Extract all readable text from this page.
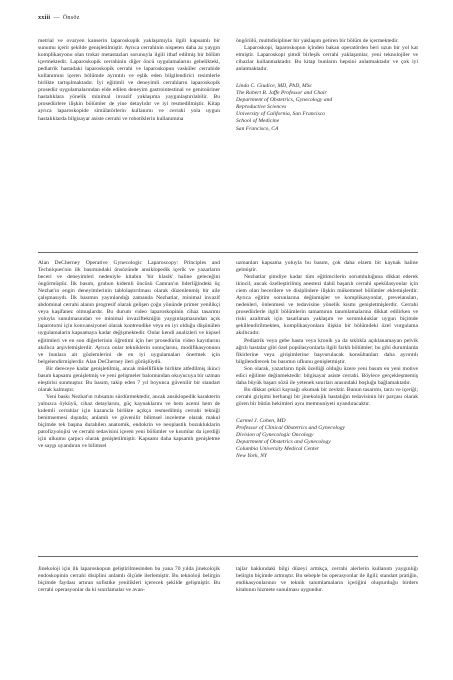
xxiii — Önsöz

metrial ve ovaryen kanserin laparoskopik yaklaşımıyla ilgili kapsamlı bir sunumu içerir şekilde genişletilmiştir. Ayrıca cerrahinin nispeten daha az yaygın komplikasyonu olan trokar metastazları sorunuyla ilgili ithaf edilmiş bir bölüm içermektedir. Laparoskopik cerrahinin diğer öncü uygulamalarını gebelikteki, pediatrik hastadaki laparoskopik cerrahi ve laparoskopun vasküler cerrahide kullanımını içeren bölümde ayrıntılı ve eşlik eden bilgilendirici resimlerle birlikte tartışılmaktadır. İyi eğitimli ve deneyimli cerrahların laparoskopik prosedür uygulamalarından elde edilen deneyim gastrointestinal ve genitoüriner hastalıklara yönelik minimal invazif yaklaşıma yaygınlaştırılabilir. Bu prosedürlere ilişkin bölümler de yine detaylıdır ve iyi resmedilmiştir. Kitap ayrıca laparoskopide simülatörlerin kullanımı ve cerrahi yola uygun hastalıklarda bilgisayar asiste cerrahi ve robotiklerin kullanımına

öngörülü, multidisipliner bir yaklaşım getiren bir bölüm de içermektedir.

Laparoskopi, laparoskopun içinden bakan operatörden beri uzun bir yol kat etmiştir. Laparoskopi şimdi birleşik cerrahi yaklaşımlar, yeni teknolojiler ve cihazlar kullanmaktadır. Bu kitap bunların hepsini anlatmaktadır ve çok iyi anlatmaktadır.

Linda C. Giudice, MD, PhD, MSc
The Robert B. Jaffe Professor and Chair
Department of Obstetrics, Gynecology and
Reproductive Sciences
University of California, San Francisco
School of Medicine
San Francisco, CA

Alan DeCherney Operative Gynecologic Laparoscopy: Principles and Techniques'nin ilk basımındaki önsözünde ansiklopedik içerik ve yazarların beceri ve deneyimleri nedeniyle kitabın 'bir klasik' haline geleceğini öngörmüştür. İlk basım, grubun kidemli öncüsü Camran'ın liderliğindeki üç Nezhat'ın engin deneyimlerinin tablolaştırılması olarak düzenlenmiş bir aile çalışmasıydı. İlk basımın yayınlandığı zamanda Nezhatlar, minimal invazif abdominal cerrahi alanın progresif olarak gelişen çoğu yönünde primer yenilikçi veya kaşifanez olmuşlardır. Bu durum video laparoskopinin cihaz tasarımı yoluyla sunulmasından ve minimal invaziftekniğin yaygınlaşmasından açık laparotomi için konvansiyonel olarak kontrendike veya en iyi olduğu düşünülen uygulamalarin kapsamaya kadar değişmektedir. Onlar kendi analizleri ve kişisel eğitimleri ve en son diğerlerinin öğretimi için her prosedürün video kayıtlarını akıllıca arşivlemişlerdir. Ayrıca onlar tekniklerin sonuçlarını, modifikasyonunu ve bunlara ait gözlemlerini de en iyi uygulamaları önermek için belgelendirmişlerdir. Alan DeCherney ileri görüşlüydü.

Bir dereceye kadar genişletilmiş, ancak müellifiikle birlikte atfedilmiş ikinci basım kapsamı genişletmiş ve yeni gelişmeler balomundan okuyucuya bir uzman eleştirisi sunmuştur. Bu basım, takip eden 7 yıl boyunca güvenilir bir standart olarak kalmıştır.

Yeni baskı Nezhat'ın rubsatını sürdürmektedir, ancak ansiklopedik karakterin yalnızca öyküyü, cihaz detaylarını, güç kaynaklarını ve hem acemi hem de kıdemli cerrahlar için kazancla birlikte açıkça resmedilmiş cerrahi tekniği benimsemesi dışında; anlamlı ve güvenilir bilimsel inceleme olarak makul biçimde tek başına durabilen anatomik, endokrin ve neoplastik bozukluklarin patofizyolojisi ve cerrahi tedavisini içeren yeni bölümler ve kısımlar da içerdiği için ulkumu çarpıcı olarak genişletilmiştir. Kapsamı daha kapsamlı genişletme ve saygı uyandıran ve bilimsel

uzmanları kapsama yoluyla bu basım, çok daha elzem bir kaynak haline gelmiştir.

Nezhatlar şimdiye kadar tüm eğitimcilerin sorumluluğuna dikkat ederek ikincil, ancak özelleştirilmiş anestezi dahil başarılı cerrahi spekülasyonlar için ciem olan becerilere ve disiplinlere ilişkin mükemmel bölümler eklemişlerdir. Ayrıca eğitim sorunlarına değinmişler ve komplikasyonlar, prevelansları, nedenleri, önlenmesi ve tedavisine yönelik kısmı genişletmişlerdir. Cerrahi prosedürlerle ilgili bölümlerin tamamının tanımlamalarına dikkat edilirken ve riski azaltmak için tasarlanan yaklaşım ve sorumluluklar uygun biçimde şekillendirilmekten, komplikasyonlara ilişkin bir bölümdeki özel vurgulama akıllıcadır.

Pediatrik veya gebe hasta veya kronik ya da sıklıkla açıklanamayan pelvik ağrılı hastalar gibi özel popülasyonlarla ilgili farklı bölümler; bu gibi durumlarda fikirlerine veya girişimlerine başvurulacak konsültanları daha ayrıntılı bilgilendirecek bu basımın ufkunu genişletmiştir.

Son olarak, yazarların tipik özelliği olduğu üzere yeni basım en yeni motive edici eğilime değinmektedir: bilgisayar asiste cerrahi. Böylece gerçekleşmemiş daha büyük başarı sözü ile yetenek sınırları arasındaki boşluğu bağlamaktadır.

Bu dikkat çekici kaynağı okumak bir zevktir. Bunun tasarımı, tarzı ve içeriği; cerrahi girişimi herhangi bir jinekolojik hastalığın tedavisinin bir parçası olarak gören bir bütün hekimleri aynı memnuniyeti uyandıracaktır.

Carmel J. Cohen, MD
Professor of Clinical Obstetrics and Gynecology
Division of Gynecologic Oncology
Department of Obstetrics and Gynecology
Columbia University Medical Center
New York, NY

Jinekoloji için ilk laparoskopun geliştirilmesinden bu yana 70 yılda jinekolojik endoskopinin cerrahi disiplini anlamlı ölçüde ilerlemiştir. Bu teknoloji belirgin biçimde faydası artıran sofistike yenilikleri içerecek şekilde gelişmiştir. Bu cerrahi operasyonlar da ki sınırlamalar ve avan-

tajlar hakkındaki bilgi düzeyi arttıkça, cerrahi alerlerin kullanım yaygınlığı belirgin biçimde artmıştır. Bu sebeple bu operasyonlar ile ilgili; standart pratiğin, endikasyonlarının ve teknik tanımlamaların içeriğini oluşturduğu birders kitabının hizmete sunulması uygundur.
